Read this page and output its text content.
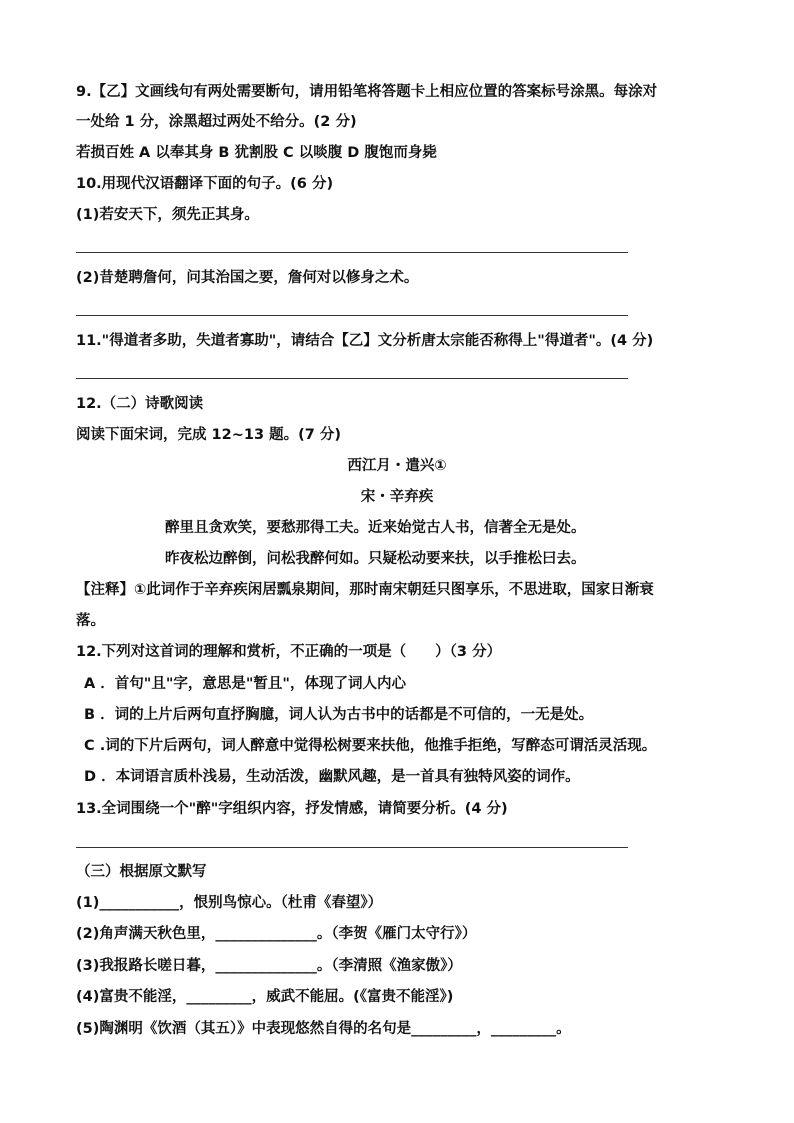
9.【乙】文画线句有两处需要断句，请用铅笔将答题卡上相应位置的答案标号涂黑。每涂对
一处给 1 分，涂黑超过两处不给分。(2 分)
若损百姓 A 以奉其身 B 犹割股 C 以啖腹 D 腹饱而身毙
10.用现代汉语翻译下面的句子。(6 分)
(1)若安天下，须先正其身。
(2)昔楚聘詹何，问其治国之要，詹何对以修身之术。
11."得道者多助，失道者寡助"，请结合【乙】文分析唐太宗能否称得上"得道者"。(4 分)
12.（二）诗歌阅读
阅读下面宋词，完成 12~13 题。(7 分)
西江月・遣兴①
宋・辛弃疾
醉里且贪欢笑，要愁那得工夫。近来始觉古人书，信著全无是处。
昨夜松边醉倒，问松我醉何如。只疑松动要来扶，以手推松曰去。
【注释】①此词作于辛弃疾闲居瓢泉期间，那时南宋朝廷只图享乐，不思进取，国家日渐衰
落。
12.下列对这首词的理解和赏析，不正确的一项是（　　）（3 分）
A ．首句"且"字，意思是"暂且"，体现了词人内心
B ．词的上片后两句直抒胸臆，词人认为古书中的话都是不可信的，一无是处。
C .词的下片后两句，词人醉意中觉得松树要来扶他，他推手拒绝，写醉态可谓活灵活现。
D ．本词语言质朴浅易，生动活泼，幽默风趣，是一首具有独特风姿的词作。
13.全词围绕一个"醉"字组织内容，抒发情感，请简要分析。(4 分)
（三）根据原文默写
(1)___________，恨别鸟惊心。（杜甫《春望》）
(2)角声满天秋色里，______________。（李贺《雁门太守行》）
(3)我报路长嗟日暮，______________。（李清照《渔家傲》）
(4)富贵不能淫，_________，威武不能屈。(《富贵不能淫》)
(5)陶渊明《饮酒（其五）》中表现悠然自得的名句是_________，_________。
